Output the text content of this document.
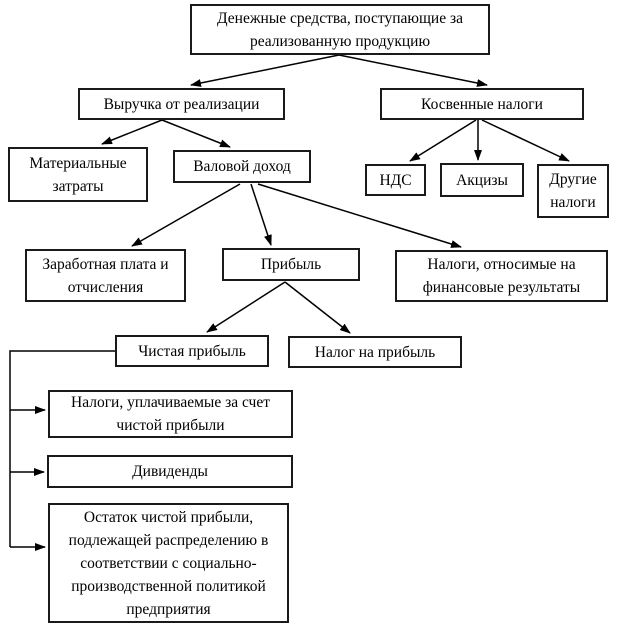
Денежные средства, поступающие за реализованную продукцию
Выручка от реализации	Косвенные налоги
Материальные затраты
Валовой доход
НДС	Акцизы	Другие налоги
Заработная плата и отчисления
Прибыль	Налоги, относимые на финансовые результаты
Чистая прибыль	Налог на прибыль
Налоги, уплачиваемые за счет чистой прибыли
Дивиденды
Остаток чистой прибыли, подлежащей распределению в соответствии с социально-производственной политикой предприятия
